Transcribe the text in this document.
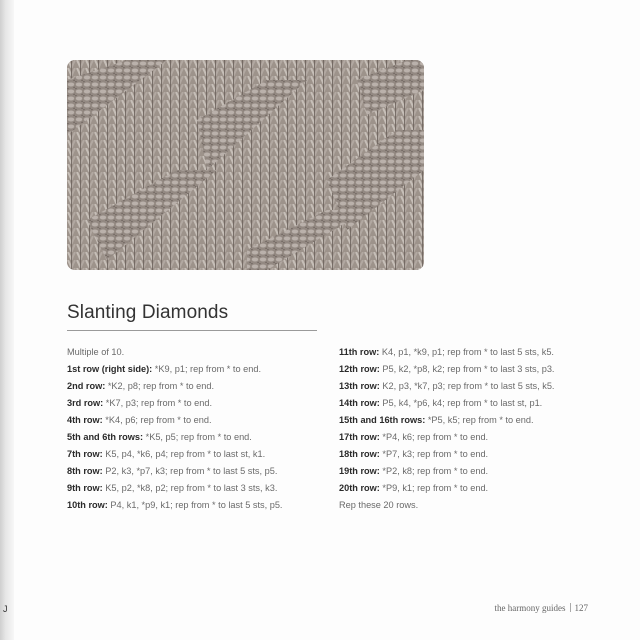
J
Slanting Diamonds
Multiple of 10.
1st row (right side): *K9, p1; rep from * to end.
2nd row: *K2, p8; rep from * to end.
3rd row: *K7, p3; rep from * to end.
4th row: *K4, p6; rep from * to end.
5th and 6th rows: *K5, p5; rep from * to end.
7th row: K5, p4, *k6, p4; rep from * to last st, k1.
8th row: P2, k3, *p7, k3; rep from * to last 5 sts, p5.
9th row: K5, p2, *k8, p2; rep from * to last 3 sts, k3.
10th row: P4, k1, *p9, k1; rep from * to last 5 sts, p5.
11th row: K4, p1, *k9, p1; rep from * to last 5 sts, k5.
12th row: P5, k2, *p8, k2; rep from * to last 3 sts, p3.
13th row: K2, p3, *k7, p3; rep from * to last 5 sts, k5.
14th row: P5, k4, *p6, k4; rep from * to last st, p1.
15th and 16th rows: *P5, k5; rep from * to end.
17th row: *P4, k6; rep from * to end.
18th row: *P7, k3; rep from * to end.
19th row: *P2, k8; rep from * to end.
20th row: *P9, k1; rep from * to end.
Rep these 20 rows.
the harmony guides 127
